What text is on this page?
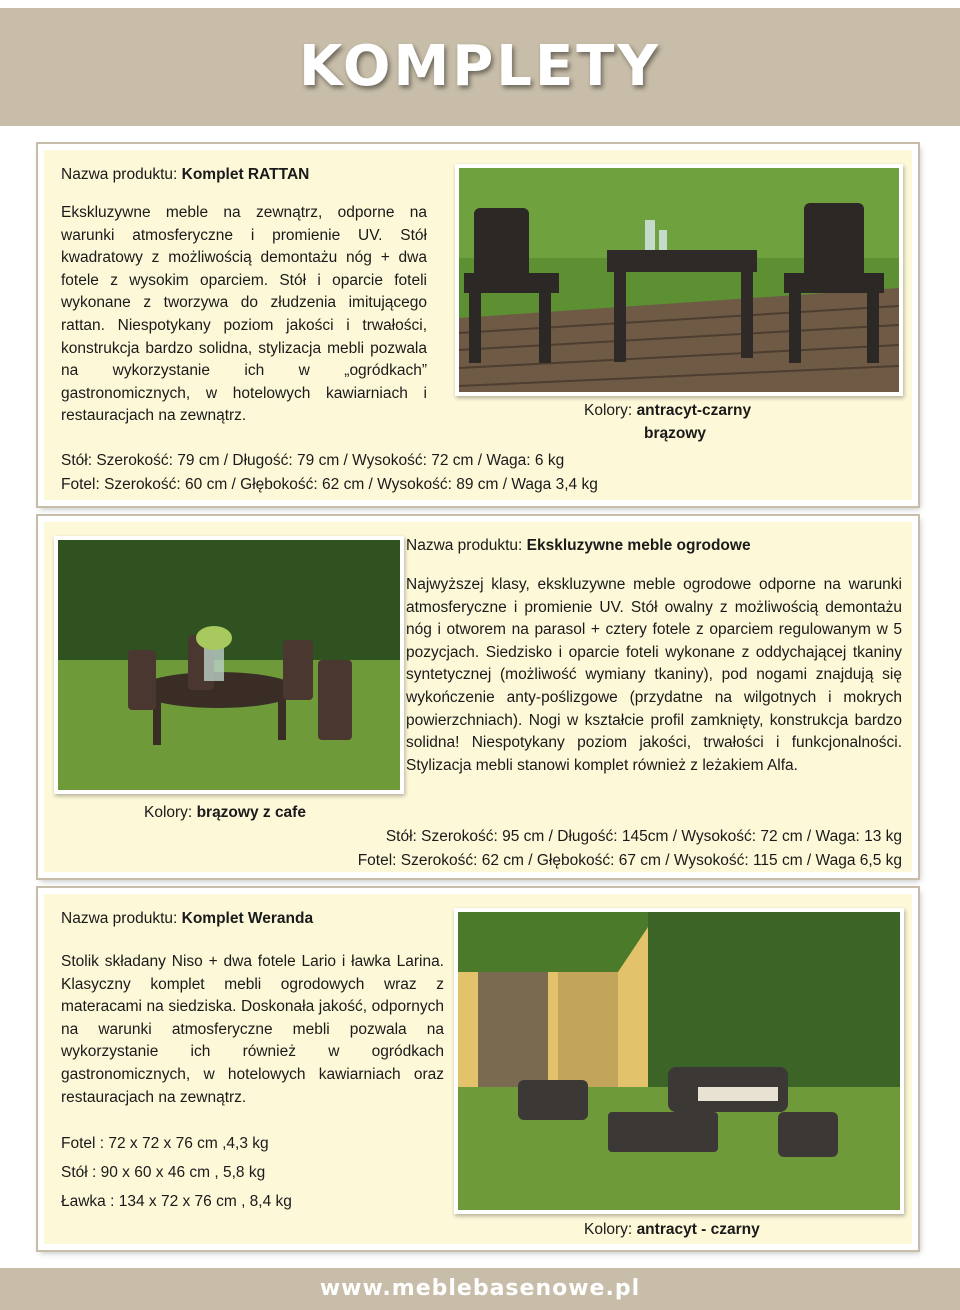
KOMPLETY
Nazwa produktu: Komplet RATTAN
Ekskluzywne meble na zewnątrz, odporne na warunki atmosferyczne i promienie UV. Stół kwadratowy z możliwością demontażu nóg + dwa fotele z wysokim oparciem. Stół i oparcie foteli wykonane z tworzywa do złudzenia imitującego rattan. Niespotykany poziom jakości i trwałości, konstrukcja bardzo solidna, stylizacja mebli pozwala na wykorzystanie ich w „ogródkach” gastronomicznych, w hotelowych kawiarniach i restauracjach na zewnątrz.	Kolory: antracyt-czarny
brązowy
Stół: Szerokość: 79 cm / Długość: 79 cm / Wysokość: 72 cm / Waga: 6 kg
Fotel: Szerokość: 60 cm / Głębokość: 62 cm / Wysokość: 89 cm / Waga 3,4 kg
Kolory: brązowy z cafe
Nazwa produktu: Ekskluzywne meble ogrodowe
Najwyższej klasy, ekskluzywne meble ogrodowe odporne na warunki atmosferyczne i promienie UV. Stół owalny z możliwością demontażu nóg i otworem na parasol + cztery fotele z oparciem regulowanym w 5 pozycjach. Siedzisko i oparcie foteli wykonane z oddychającej tkaniny syntetycznej (możliwość wymiany tkaniny), pod nogami znajdują się wykończenie anty-poślizgowe (przydatne na wilgotnych i mokrych powierzchniach). Nogi w kształcie profil zamknięty, konstrukcja bardzo solidna! Niespotykany poziom jakości, trwałości i funkcjonalności. Stylizacja mebli stanowi komplet również z leżakiem Alfa.
Stół: Szerokość: 95 cm / Długość: 145cm / Wysokość: 72 cm / Waga: 13 kg
Fotel: Szerokość: 62 cm / Głębokość: 67 cm / Wysokość: 115 cm / Waga 6,5 kg
Nazwa produktu: Komplet Weranda
Stolik składany Niso + dwa fotele Lario i ławka Larina. Klasyczny komplet mebli ogrodowych wraz z materacami na siedziska. Doskonała jakość, odpornych na warunki atmosferyczne mebli pozwala na wykorzystanie ich również w ogródkach gastronomicznych, w hotelowych kawiarniach oraz restauracjach na zewnątrz.
Fotel : 72 x 72 x 76 cm ,4,3 kg
Stół : 90 x 60 x 46 cm , 5,8 kg
Ławka : 134 x 72 x 76 cm , 8,4 kg
Kolory: antracyt - czarny
www.meblebasenowe.pl
